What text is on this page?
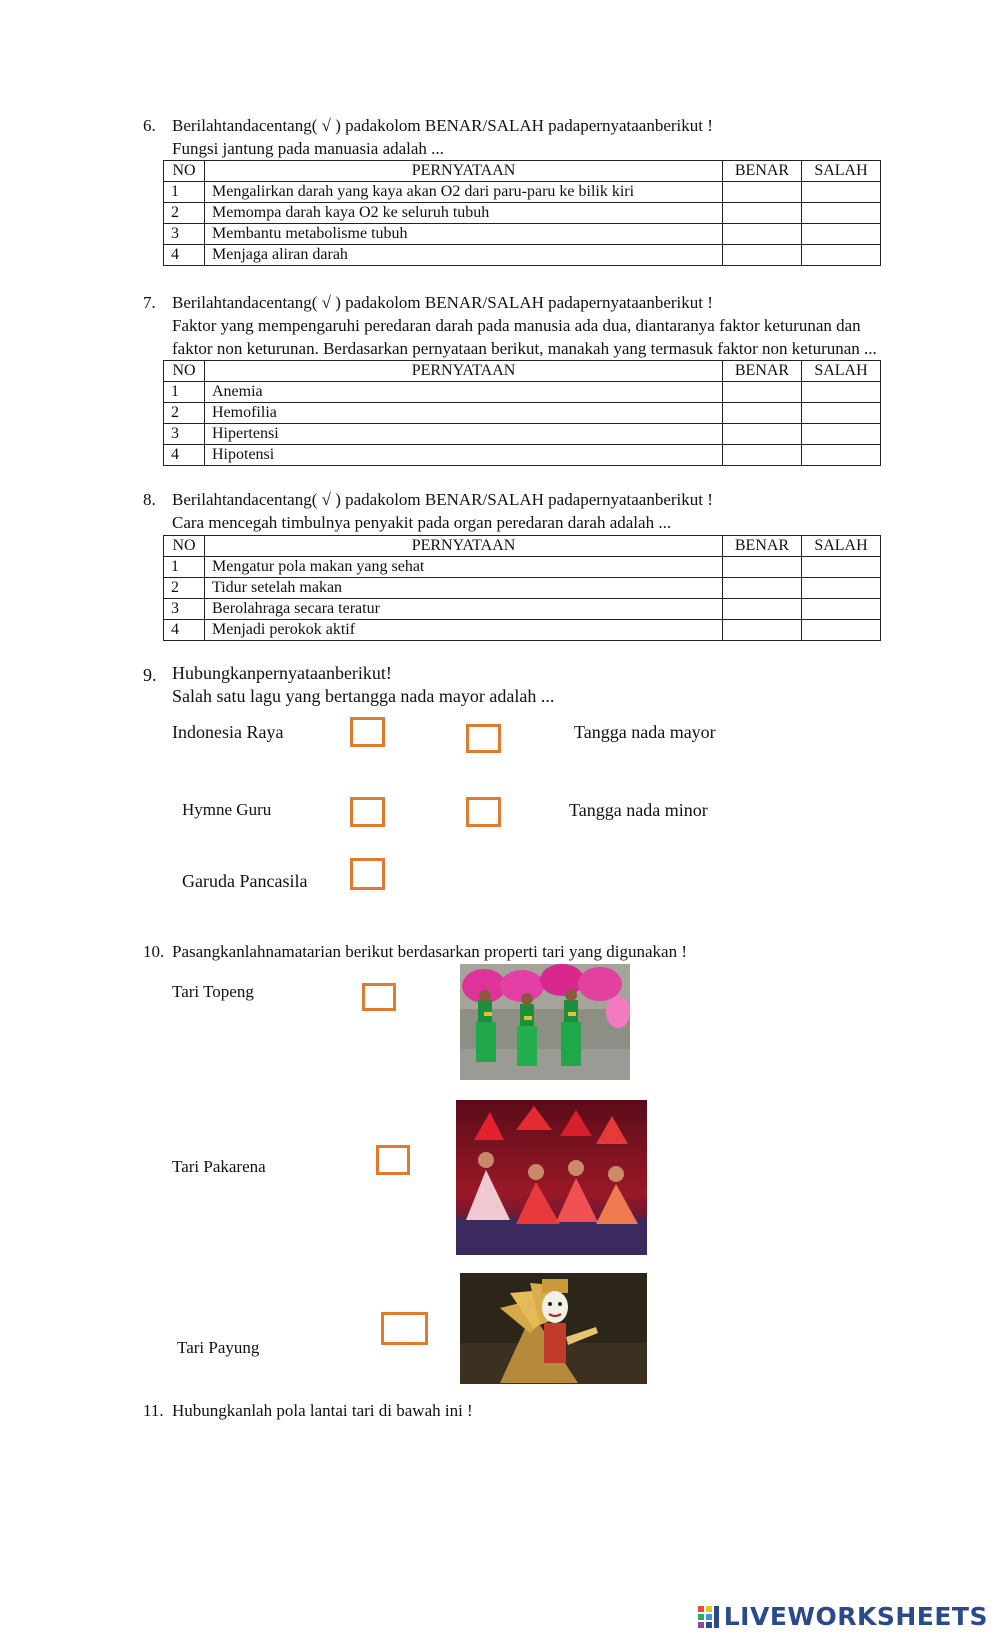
6. Berilahtandacentang( √ ) padakolom BENAR/SALAH padapernyataanberikut !
Fungsi jantung pada manuasia adalah ...
NO	PERNYATAAN	BENAR	SALAH
1	Mengalirkan darah yang kaya akan O2 dari paru-paru ke bilik kiri		
2	Memompa darah kaya O2 ke seluruh tubuh		
3	Membantu metabolisme tubuh		
4	Menjaga aliran darah		
7. Berilahtandacentang( √ ) padakolom BENAR/SALAH padapernyataanberikut !
Faktor yang mempengaruhi peredaran darah pada manusia ada dua, diantaranya faktor keturunan dan
faktor non keturunan. Berdasarkan pernyataan berikut, manakah yang termasuk faktor non keturunan ...
NO	PERNYATAAN	BENAR	SALAH
1	Anemia		
2	Hemofilia		
3	Hipertensi		
4	Hipotensi		
8. Berilahtandacentang( √ ) padakolom BENAR/SALAH padapernyataanberikut !
Cara mencegah timbulnya penyakit pada organ peredaran darah adalah ...
NO	PERNYATAAN	BENAR	SALAH
1	Mengatur pola makan yang sehat		
2	Tidur setelah makan		
3	Berolahraga secara teratur		
4	Menjadi perokok aktif		
9. Hubungkanpernyataanberikut!
Salah satu lagu yang bertangga nada mayor adalah ...
Indonesia Raya	Tangga nada mayor
Hymne Guru	Tangga nada minor
Garuda Pancasila
10. Pasangkanlahnamatarian berikut berdasarkan properti tari yang digunakan !
Tari Topeng
Tari Pakarena
Tari Payung
11. Hubungkanlah pola lantai tari di bawah ini !
LIVEWORKSHEETS
